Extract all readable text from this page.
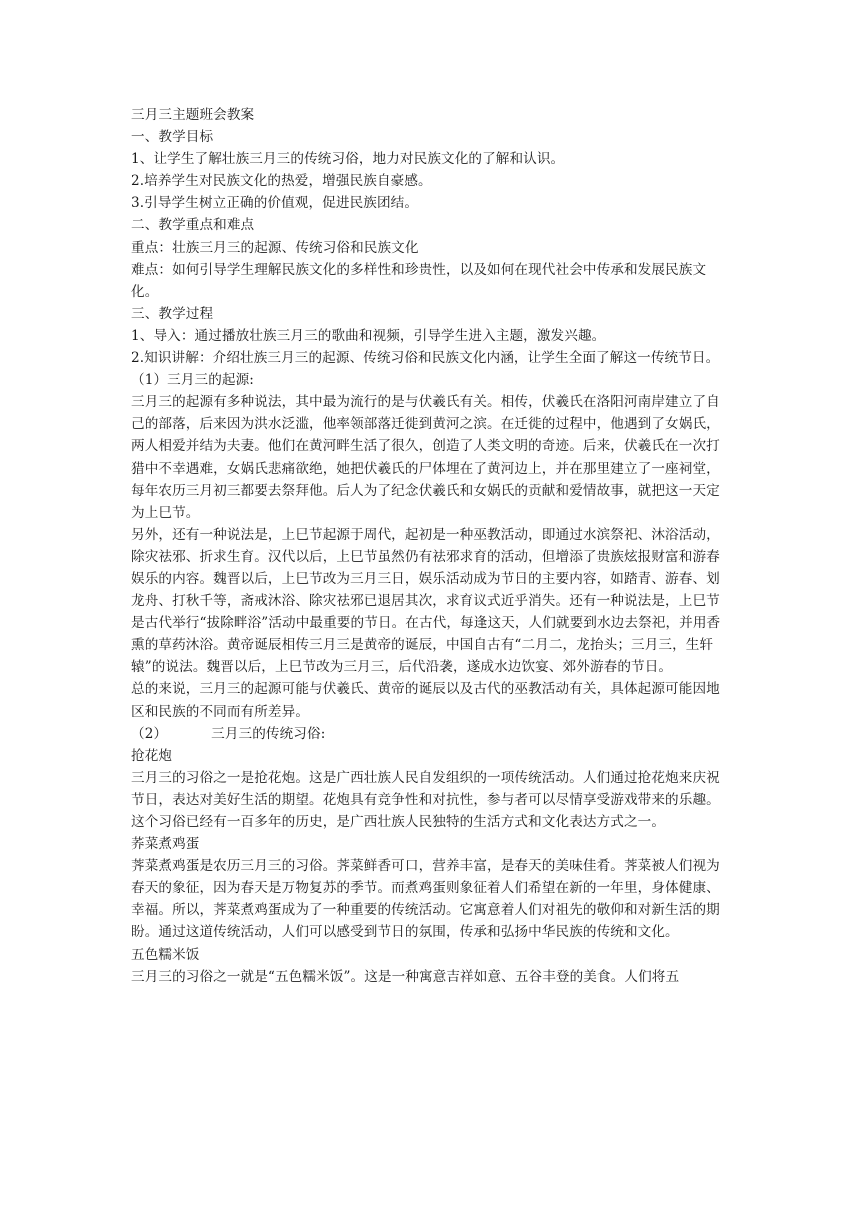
三月三主题班会教案

一、教学目标

1、让学生了解壮族三月三的传统习俗，地力对民族文化的了解和认识。

2.培养学生对民族文化的热爱，增强民族自豪感。

3.引导学生树立正确的价值观，促进民族团结。

二、教学重点和难点

重点：壮族三月三的起源、传统习俗和民族文化

难点：如何引导学生理解民族文化的多样性和珍贵性，以及如何在现代社会中传承和发展民族文化。

三、教学过程

1、导入：通过播放壮族三月三的歌曲和视频，引导学生进入主题，激发兴趣。

2.知识讲解：介绍壮族三月三的起源、传统习俗和民族文化内涵，让学生全面了解这一传统节日。

（1）三月三的起源:

三月三的起源有多种说法，其中最为流行的是与伏羲氏有关。相传，伏羲氏在洛阳河南岸建立了自己的部落，后来因为洪水泛滥，他率领部落迁徙到黄河之滨。在迁徙的过程中，他遇到了女娲氏，两人相爱并结为夫妻。他们在黄河畔生活了很久，创造了人类文明的奇迹。后来，伏羲氏在一次打猎中不幸遇难，女娲氏悲痛欲绝，她把伏羲氏的尸体埋在了黄河边上，并在那里建立了一座祠堂，每年农历三月初三都要去祭拜他。后人为了纪念伏羲氏和女娲氏的贡献和爱情故事，就把这一天定为上巳节。

另外，还有一种说法是，上巳节起源于周代，起初是一种巫教活动，即通过水滨祭祀、沐浴活动，除灾祛邪、折求生育。汉代以后，上巳节虽然仍有祛邪求育的活动，但增添了贵族炫报财富和游春娱乐的内容。魏晋以后，上巳节改为三月三日，娱乐活动成为节日的主要内容，如踏青、游春、划龙舟、打秋千等，斋戒沐浴、除灾祛邪已退居其次，求育议式近乎消失。还有一种说法是，上巳节是古代举行“拔除畔浴”活动中最重要的节日。在古代，每逢这天，人们就要到水边去祭祀，并用香熏的草药沐浴。黄帝诞辰相传三月三是黄帝的诞辰，中国自古有“二月二，龙抬头；三月三，生轩辕”的说法。魏晋以后，上巳节改为三月三，后代沿袭，遂成水边饮宴、郊外游春的节日。

总的来说，三月三的起源可能与伏羲氏、黄帝的诞辰以及古代的巫教活动有关，具体起源可能因地区和民族的不同而有所差异。

（2）	三月三的传统习俗:

抢花炮

三月三的习俗之一是抢花炮。这是广西壮族人民自发组织的一项传统活动。人们通过抢花炮来庆祝节日，表达对美好生活的期望。花炮具有竞争性和对抗性，参与者可以尽情享受游戏带来的乐趣。这个习俗已经有一百多年的历史，是广西壮族人民独特的生活方式和文化表达方式之一。

荞菜煮鸡蛋

荠菜煮鸡蛋是农历三月三的习俗。荠菜鲜香可口，营养丰富，是春天的美味佳肴。荠菜被人们视为春天的象征，因为春天是万物复苏的季节。而煮鸡蛋则象征着人们希望在新的一年里，身体健康、幸福。所以，荠菜煮鸡蛋成为了一种重要的传统活动。它寓意着人们对祖先的敬仰和对新生活的期盼。通过这道传统活动，人们可以感受到节日的氛围，传承和弘扬中华民族的传统和文化。

五色糯米饭

三月三的习俗之一就是“五色糯米饭”。这是一种寓意吉祥如意、五谷丰登的美食。人们将五
